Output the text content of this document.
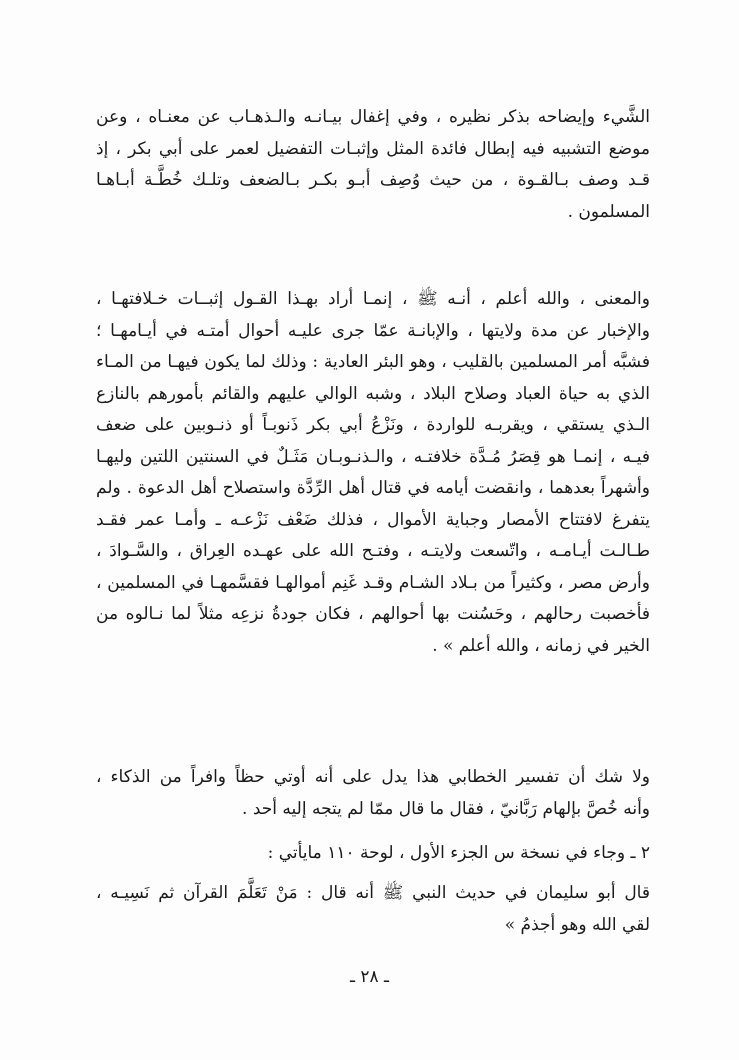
الشَّيء وإيضاحه بذكر نظيره ، وفي إغفال بيـانـه والـذهـاب عن معنـاه ، وعن
موضع التشبيه فيه إبطال فائدة المثل وإثبـات التفضيل لعمر على أبي بكر ، إذ
قـد وصف بـالقـوة ، من حيث وُصِف أبـو بكـر بـالضعف وتلـك خُطَّـة أبـاهـا
المسلمون .
والمعنى ، والله أعلم ، أنـه ﷺ ، إنمـا أراد بهـذا القـول إثبــات خـلافتهـا ،
والإخبار عن مدة ولايتها ، والإبانـة عمّا جرى عليـه أحوال أمتـه في أيـامهـا ؛
فشبَّه أمر المسلمين بالقليب ، وهو البئر العادية : وذلك لما يكون فيهـا من المـاء
الذي به حياة العباد وصلاح البلاد ، وشبه الوالي عليهم والقائم بأمورهم بالنازع
الـذي يستقي ، ويقربـه للواردة ، ونَزْعُ أبي بكر ذَنوبـاً أو ذنـوبين على ضعف
فيـه ، إنمـا هو قِصَرُ مُـدَّة خلافتـه ، والـذنـوبـان مَثَـلٌ في السنتين اللتين وليهـا
وأشهراً بعدهما ، وانقضت أيامه في قتال أهل الرِّدَّة واستصلاح أهل الدعوة . ولم
يتفرغ لافتتاح الأمصار وجباية الأموال ، فذلك ضَعْف نَزْعـه ـ وأمـا عمر فقـد
طـالـت أيـامـه ، واتّسعت ولايتـه ، وفتـح الله على عهـده العِراق ، والسَّـوادَ ،
وأرض مصر ، وكثيراً من بـلاد الشـام وقـد غَنِم أموالهـا فقسَّمهـا في المسلمين ،
فأخصبت رحالهم ، وحَسُنت بها أحوالهم ، فكان جودةُ نزعِه مثلاً لما نـالوه من
الخير في زمانه ، والله أعلم » .
ولا شك أن تفسير الخطابي هذا يدل على أنه أوتي حظاً وافراً من الذكاء ،
وأنه خُصَّ بإلهام رَبَّانيّ ، فقال ما قال ممّا لم يتجه إليه أحد .
٢ ـ وجاء في نسخة س الجزء الأول ، لوحة ١١٠ مايأتي :
قال أبو سليمان في حديث النبي ﷺ أنه قال : مَنْ تَعَلَّمَ القرآن ثم نَسِيـه ،
لقي الله وهو أجذمُ »
ـ ٢٨ ـ
